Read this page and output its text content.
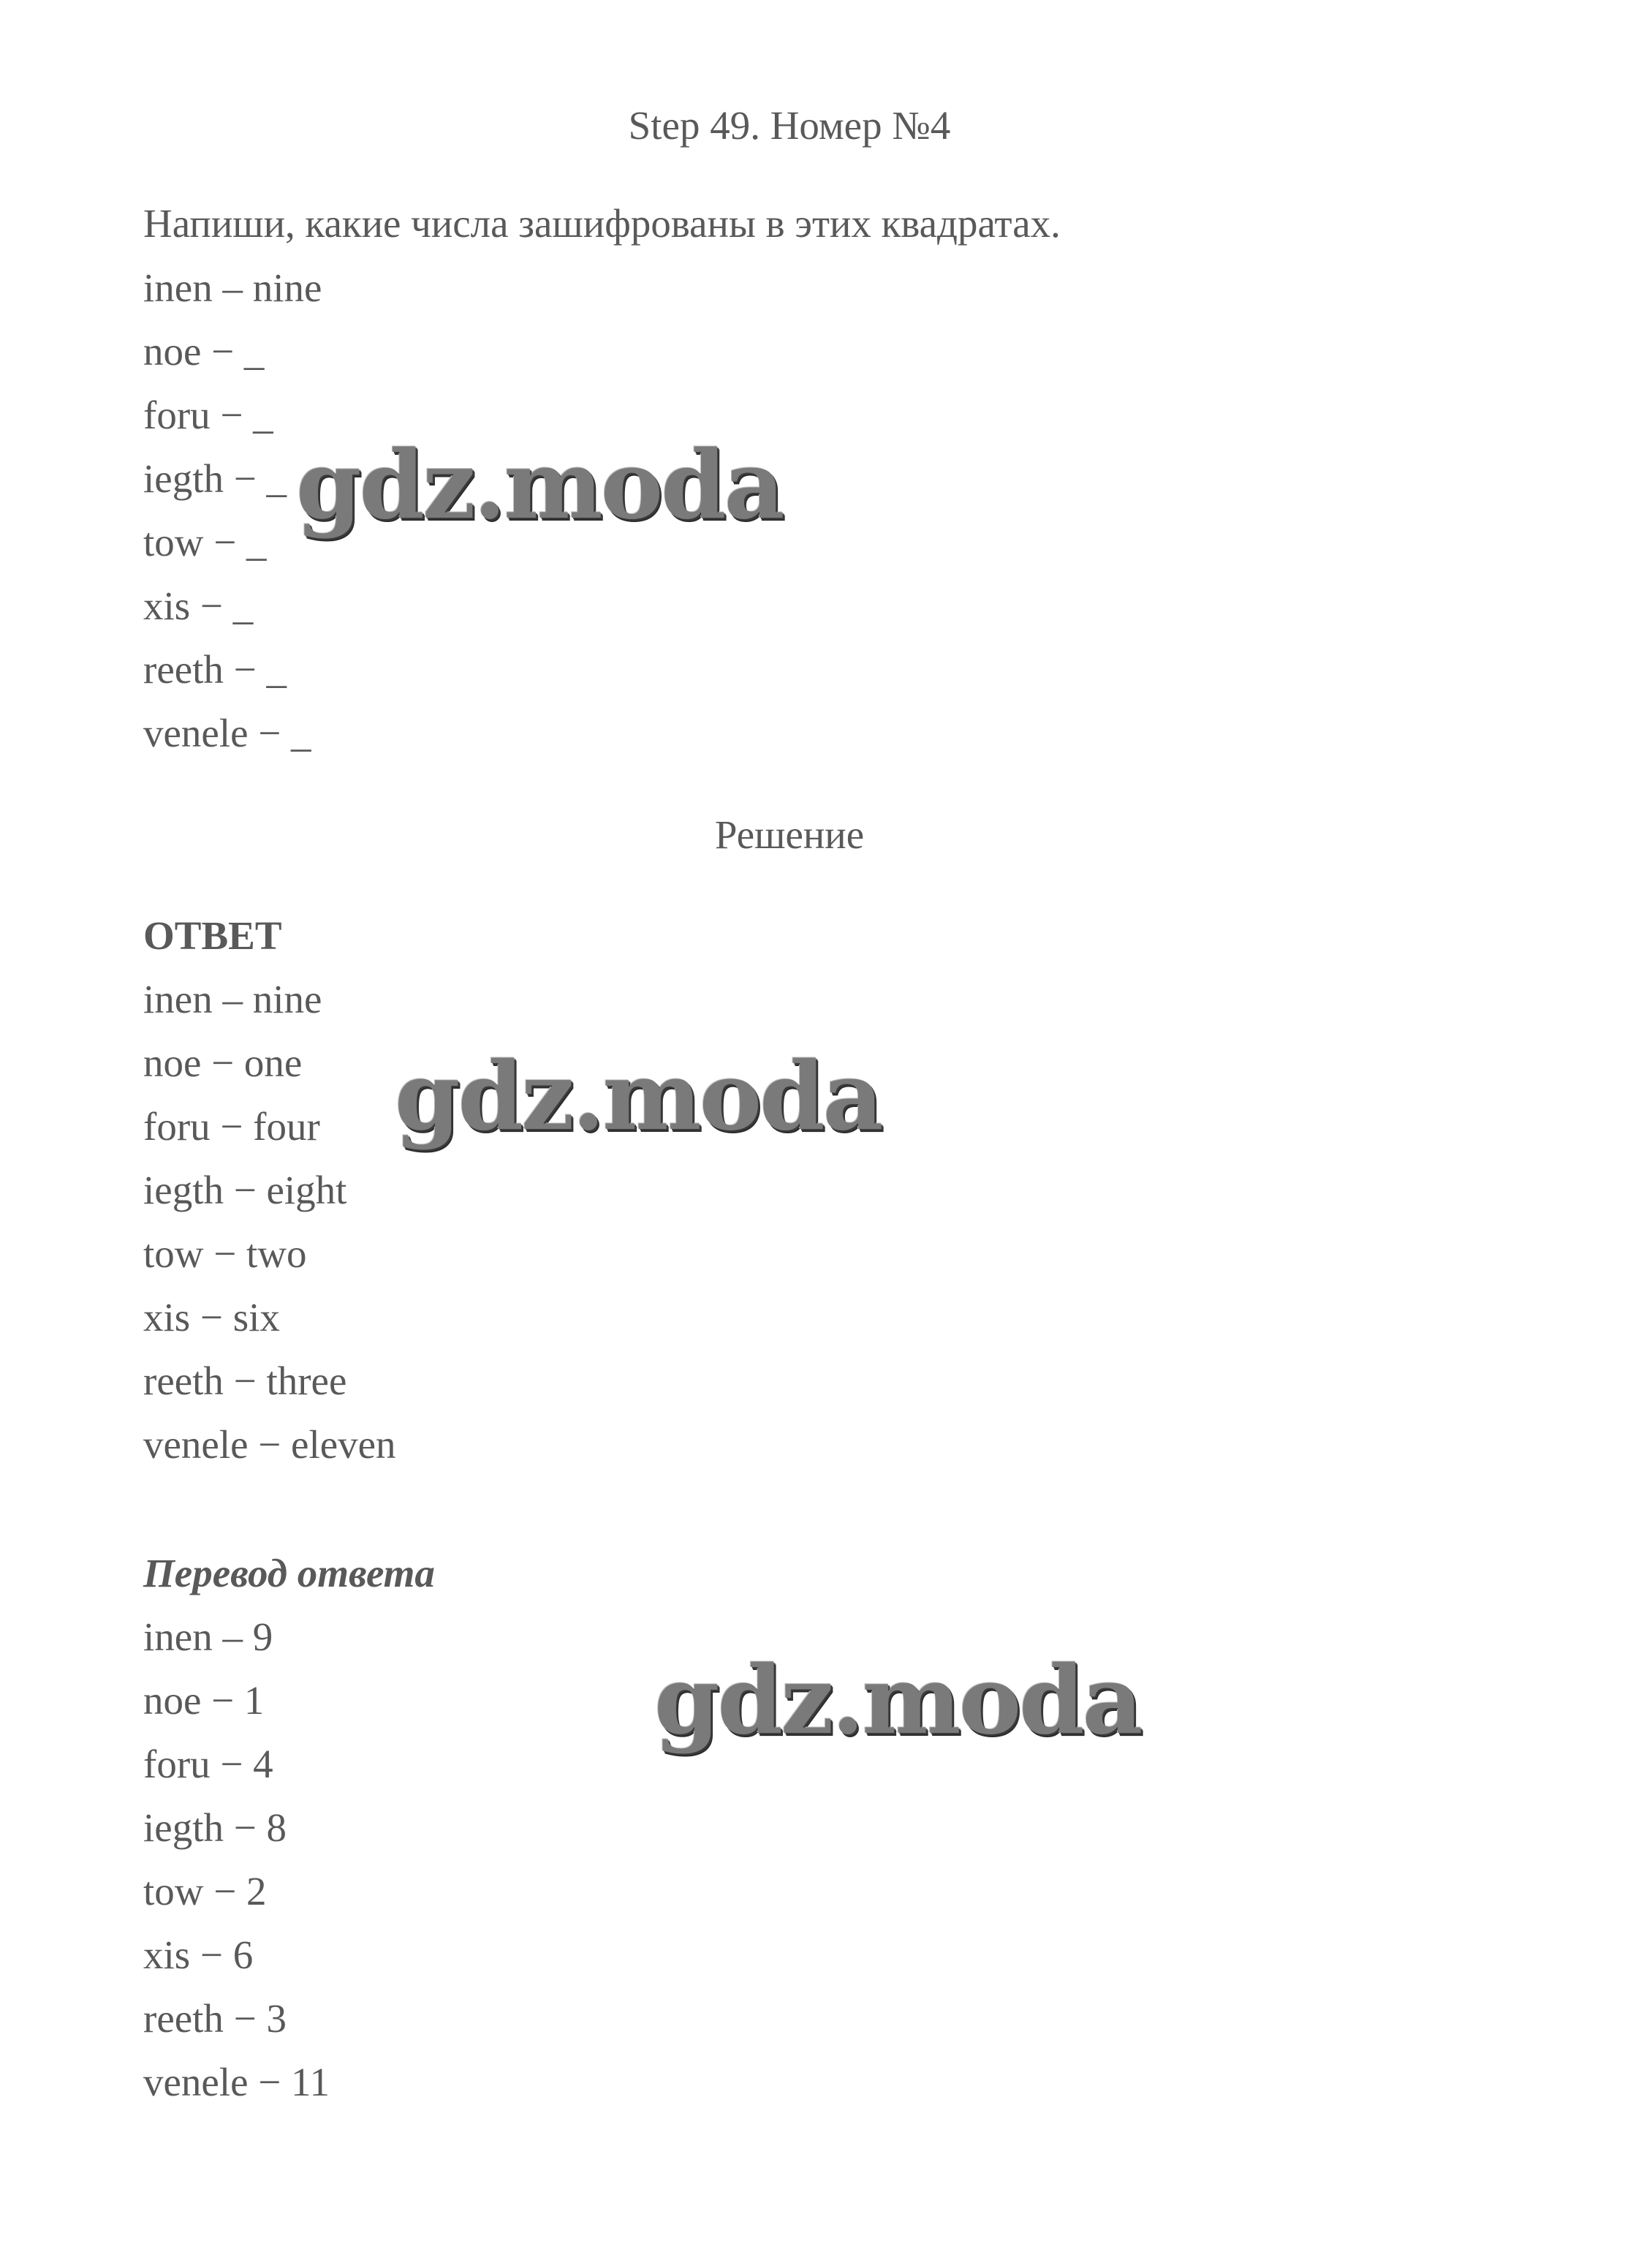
Step 49. Номер №4
Напиши, какие числа зашифрованы в этих квадратах.
inen – nine
noe − _
foru − _
iegth − _
tow − _
xis − _
reeth − _
venele − _
Решение
ОТВЕТ
inen – nine
noe − one
foru − four
iegth − eight
tow − two
xis − six
reeth − three
venele − eleven
Перевод ответа
inen – 9
noe − 1
foru − 4
iegth − 8
tow − 2
xis − 6
reeth − 3
venele − 11
gdz.moda
gdz.moda
gdz.moda
